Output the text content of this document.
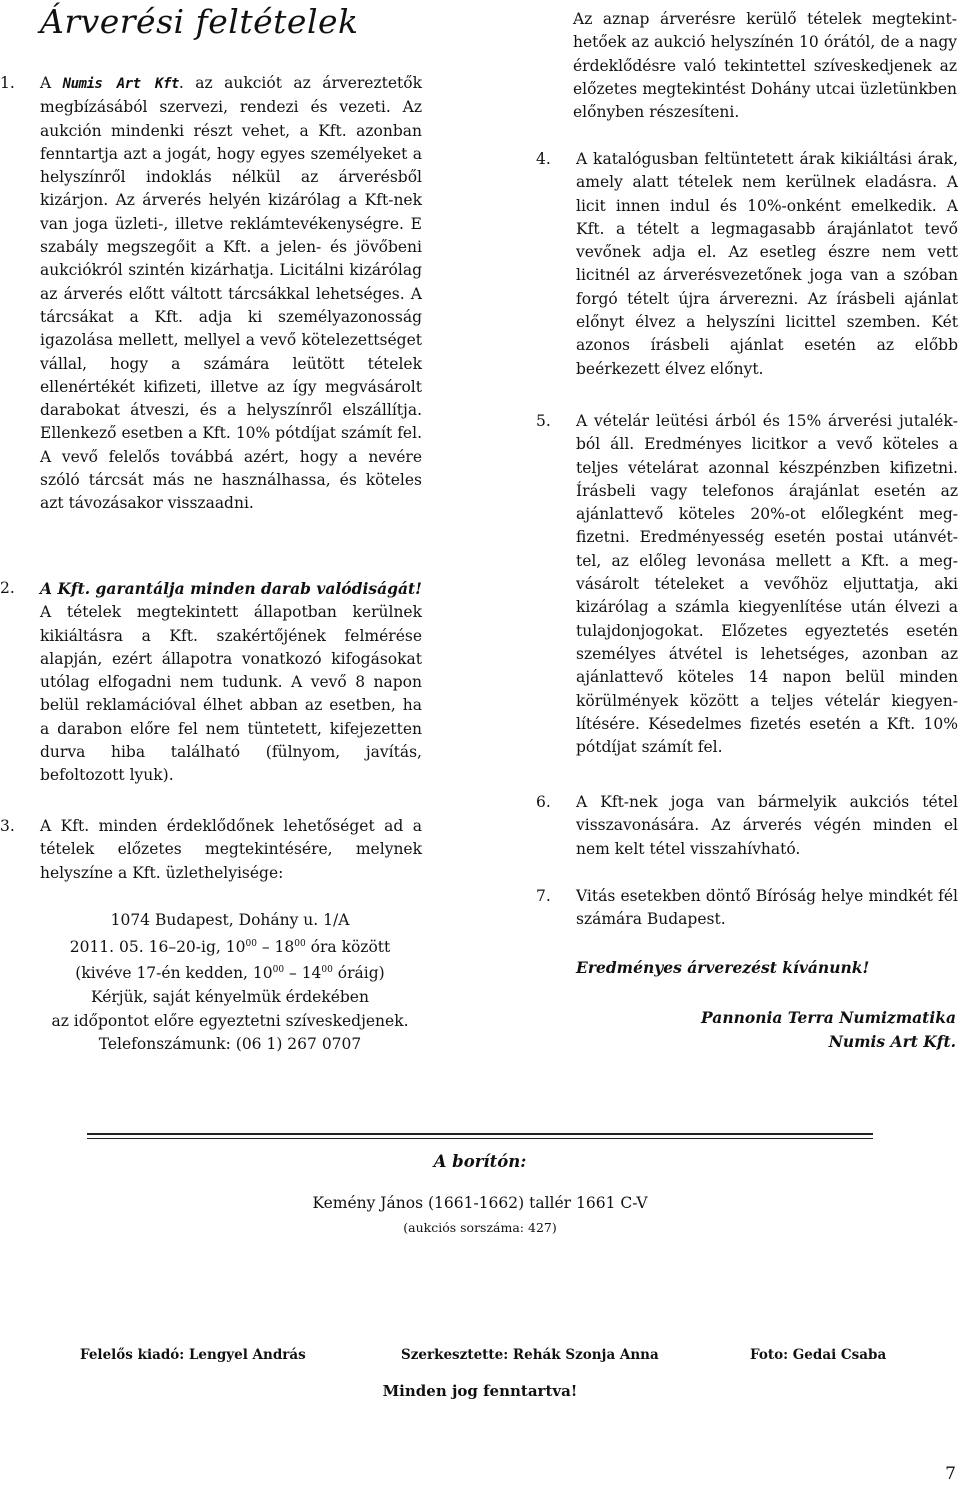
Árverési feltételek
1. A Numis Art Kft. az aukciót az árvereztetők megbízásából szervezi, rendezi és vezeti. Az aukción mindenki részt vehet, a Kft. azonban fenntartja azt a jogát, hogy egyes személyeket a helyszínről indoklás nélkül az árverésből kizárjon. Az árverés helyén kizárólag a Kft-nek van joga üzleti-, illetve reklámtevékenységre. E szabály megszegőit a Kft. a jelen- és jövőbeni aukciókról szintén kizárhatja. Licitálni kizárólag az árverés előtt váltott tárcsákkal lehetséges. A tárcsákat a Kft. adja ki személyazonosság igazolása mellett, mellyel a vevő kötelezettséget vállal, hogy a számára leütött tételek ellenértékét kifizeti, illetve az így megvásárolt darabokat átveszi, és a helyszínről elszállítja. Ellenkező esetben a Kft. 10% pótdíjat számít fel. A vevő felelős továbbá azért, hogy a nevére szóló tárcsát más ne használhassa, és köteles azt távozásakor visszaadni.
2. A Kft. garantálja minden darab valódiságát! A tételek megtekintett állapotban kerülnek kikiáltásra a Kft. szakértőjének felmérése alapján, ezért állapotra vonatkozó kifogásokat utólag elfogadni nem tudunk. A vevő 8 napon belül reklamációval élhet abban az esetben, ha a darabon előre fel nem tüntetett, kifejezetten durva hiba található (fülnyom, javítás, befoltozott lyuk).
3. A Kft. minden érdeklődőnek lehetőséget ad a tételek előzetes megtekintésére, melynek helyszíne a Kft. üzlethelyisége:
1074 Budapest, Dohány u. 1/A
2011. 05. 16–20-ig, $10^{00} - 18^{00}$ óra között
(kivéve 17-én kedden, $10^{00} - 14^{00}$ óráig)
Kérjük, saját kényelmük érdekében
az időpontot előre egyeztetni szíveskedjenek.
Telefonszámunk: (06 1) 267 0707
Az aznap árverésre kerülő tételek megtekinthetőek az aukció helyszínén 10 órától, de a nagy érdeklődésre való tekintettel szíveskedjenek az előzetes megtekintést Dohány utcai üzletünkben előnyben részesíteni.
4. A katalógusban feltüntetett árak kikiáltási árak, amely alatt tételek nem kerülnek eladásra. A licit innen indul és 10%-onként emelkedik. A Kft. a tételt a legmagasabb árajánlatot tevő vevőnek adja el. Az esetleg észre nem vett licitnél az árverésvezetőnek joga van a szóban forgó tételt újra árverezni. Az írásbeli ajánlat előnyt élvez a helyszíni licittel szemben. Két azonos írásbeli ajánlat esetén az előbb beérkezett élvez előnyt.
5. A vételár leütési árból és 15% árverési jutalékból áll. Eredményes licitkor a vevő köteles a teljes vételárat azonnal készpénzben kifizetni. Írásbeli vagy telefonos árajánlat esetén az ajánlattevő köteles 20%-ot előlegként megfizetni. Eredményesség esetén postai utánvéttel, az előleg levonása mellett a Kft. a megvásárolt tételeket a vevőhöz eljuttatja, aki kizárólag a számla kiegyenlítése után élvezi a tulajdonjogokat. Előzetes egyeztetés esetén személyes átvétel is lehetséges, azonban az ajánlattevő köteles 14 napon belül minden körülmények között a teljes vételár kiegyenlítésére. Késedelmes fizetés esetén a Kft. 10% pótdíjat számít fel.
6. A Kft-nek joga van bármelyik aukciós tétel visszavonására. Az árverés végén minden el nem kelt tétel visszahívható.
7. Vitás esetekben döntő Bíróság helye mindkét fél számára Budapest.
Eredményes árverezést kívánunk!
Pannonia Terra Numizmatika
Numis Art Kft.
A borítón:
Kemény János (1661-1662) tallér 1661 C-V
(aukciós sorszáma: 427)
Felelős kiadó: Lengyel András	Szerkesztette: Rehák Szonja Anna	Foto: Gedai Csaba
Minden jog fenntartva!
7
